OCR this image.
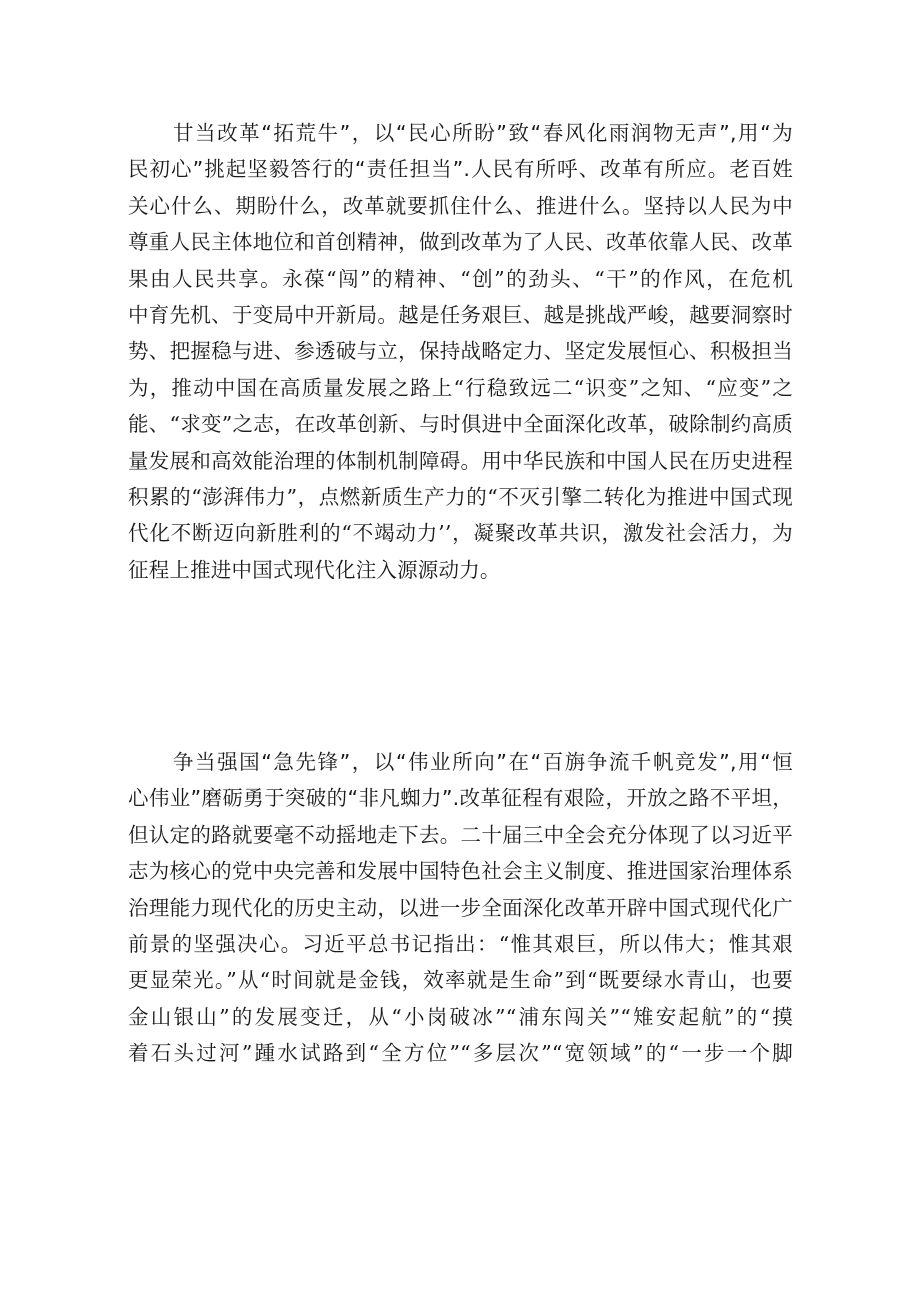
甘当改革“拓荒牛”，以“民心所盼”致“春风化雨润物无声”,用“为
民初心”挑起坚毅答行的“责任担当”.人民有所呼、改革有所应。老百姓
关心什么、期盼什么，改革就要抓住什么、推进什么。坚持以人民为中
尊重人民主体地位和首创精神，做到改革为了人民、改革依靠人民、改革
果由人民共享。永葆“闯”的精神、“创”的劲头、“干”的作风，在危机
中育先机、于变局中开新局。越是任务艰巨、越是挑战严峻，越要洞察时
势、把握稳与进、参透破与立，保持战略定力、坚定发展恒心、积极担当
为，推动中国在高质量发展之路上“行稳致远二“识变”之知、“应变”之
能、“求变”之志，在改革创新、与时俱进中全面深化改革，破除制约高质
量发展和高效能治理的体制机制障碍。用中华民族和中国人民在历史进程
积累的“澎湃伟力”，点燃新质生产力的“不灭引擎二转化为推进中国式现
代化不断迈向新胜利的“不竭动力’’，凝聚改革共识，激发社会活力，为
征程上推进中国式现代化注入源源动力。
争当强国“急先锋”，以“伟业所向”在“百旃争流千帆竞发”,用“恒
心伟业”磨砺勇于突破的“非凡蜘力”.改革征程有艰险，开放之路不平坦，
但认定的路就要毫不动摇地走下去。二十届三中全会充分体现了以习近平
志为核心的党中央完善和发展中国特色社会主义制度、推进国家治理体系
治理能力现代化的历史主动，以进一步全面深化改革开辟中国式现代化广
前景的坚强决心。习近平总书记指出：“惟其艰巨，所以伟大；惟其艰
更显荣光。”从“时间就是金钱，效率就是生命”到“既要绿水青山，也要
金山银山”的发展变迁，从“小岗破冰”“浦东闯关”“雉安起航”的“摸
着石头过河”踵水试路到“全方位”“多层次”“宽领域”的“一步一个脚
